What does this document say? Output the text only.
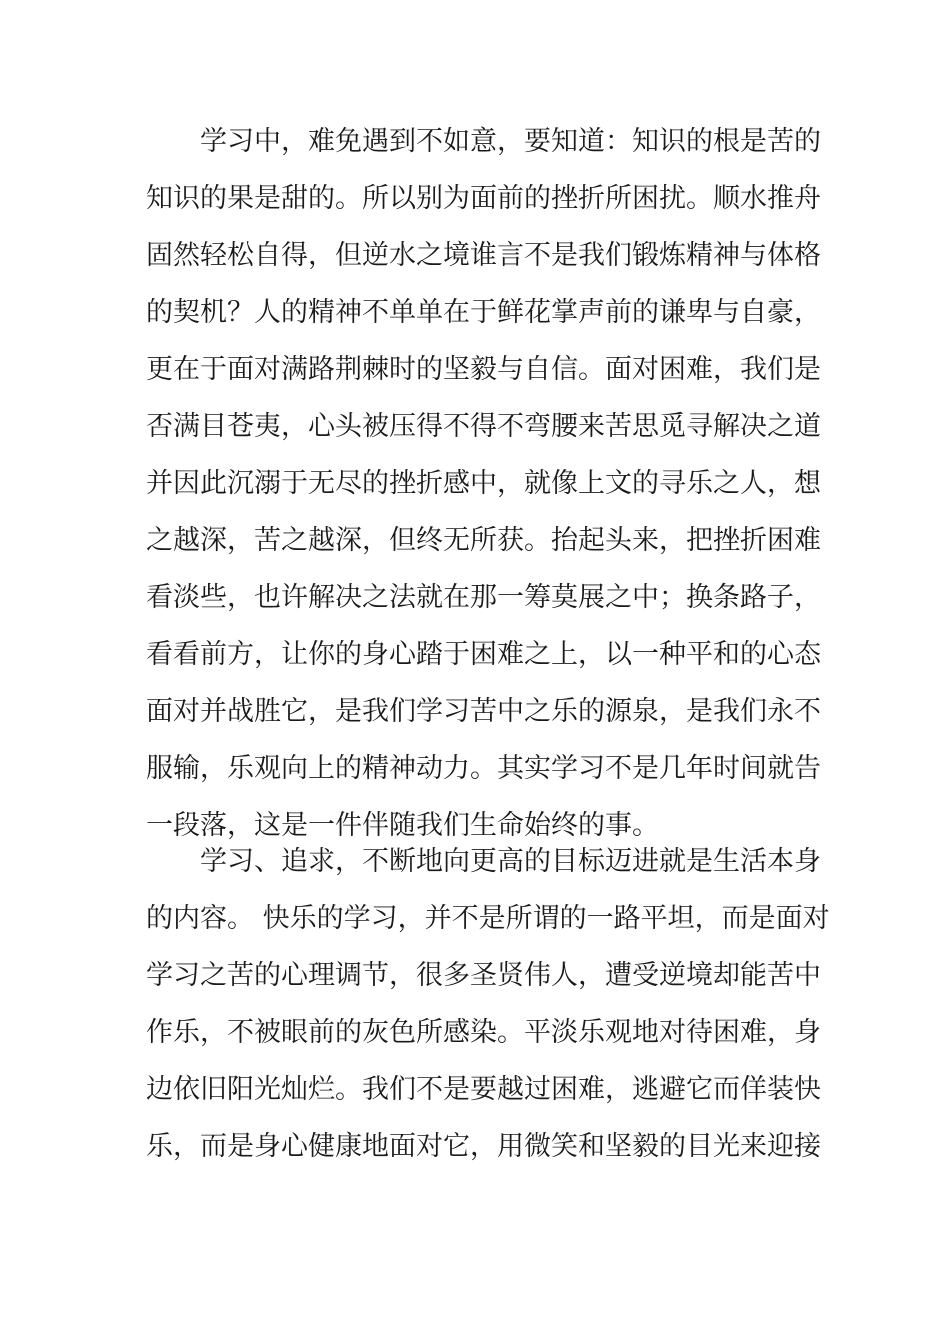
学习中，难免遇到不如意，要知道：知识的根是苦的
知识的果是甜的。所以别为面前的挫折所困扰。顺水推舟
固然轻松自得，但逆水之境谁言不是我们锻炼精神与体格
的契机？人的精神不单单在于鲜花掌声前的谦卑与自豪，
更在于面对满路荆棘时的坚毅与自信。面对困难，我们是
否满目苍夷，心头被压得不得不弯腰来苦思觅寻解决之道
并因此沉溺于无尽的挫折感中，就像上文的寻乐之人，想
之越深，苦之越深，但终无所获。抬起头来，把挫折困难
看淡些，也许解决之法就在那一筹莫展之中；换条路子，
看看前方，让你的身心踏于困难之上，以一种平和的心态
面对并战胜它，是我们学习苦中之乐的源泉，是我们永不
服输，乐观向上的精神动力。其实学习不是几年时间就告
一段落，这是一件伴随我们生命始终的事。
学习、追求，不断地向更高的目标迈进就是生活本身
的内容。 快乐的学习，并不是所谓的一路平坦，而是面对
学习之苦的心理调节，很多圣贤伟人，遭受逆境却能苦中
作乐，不被眼前的灰色所感染。平淡乐观地对待困难，身
边依旧阳光灿烂。我们不是要越过困难，逃避它而佯装快
乐，而是身心健康地面对它，用微笑和坚毅的目光来迎接
